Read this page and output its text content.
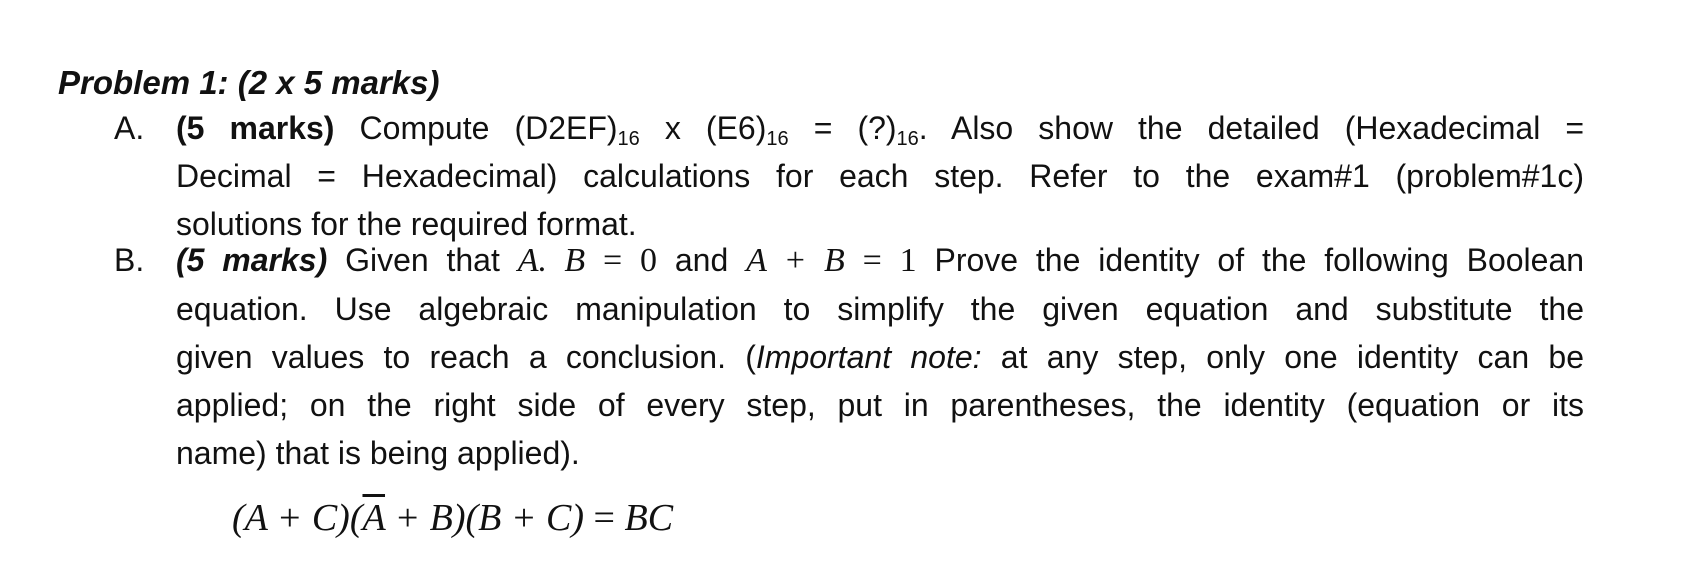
Problem 1: (2 x 5 marks)
A. (5 marks) Compute $(D2EF)_{16}$ x $(E6)_{16}$ = $(?)_{16}$. Also show the detailed (Hexadecimal =
Decimal = Hexadecimal) calculations for each step. Refer to the exam#1 (problem#1c)
solutions for the required format.
B. (5 marks) Given that A. B = 0 and A + B = 1 Prove the identity of the following Boolean
equation. Use algebraic manipulation to simplify the given equation and substitute the
given values to reach a conclusion. (Important note: at any step, only one identity can be
applied; on the right side of every step, put in parentheses, the identity (equation or its
name) that is being applied).
$(A + C)(\overline{A} + B)(B + C)$ = BC
